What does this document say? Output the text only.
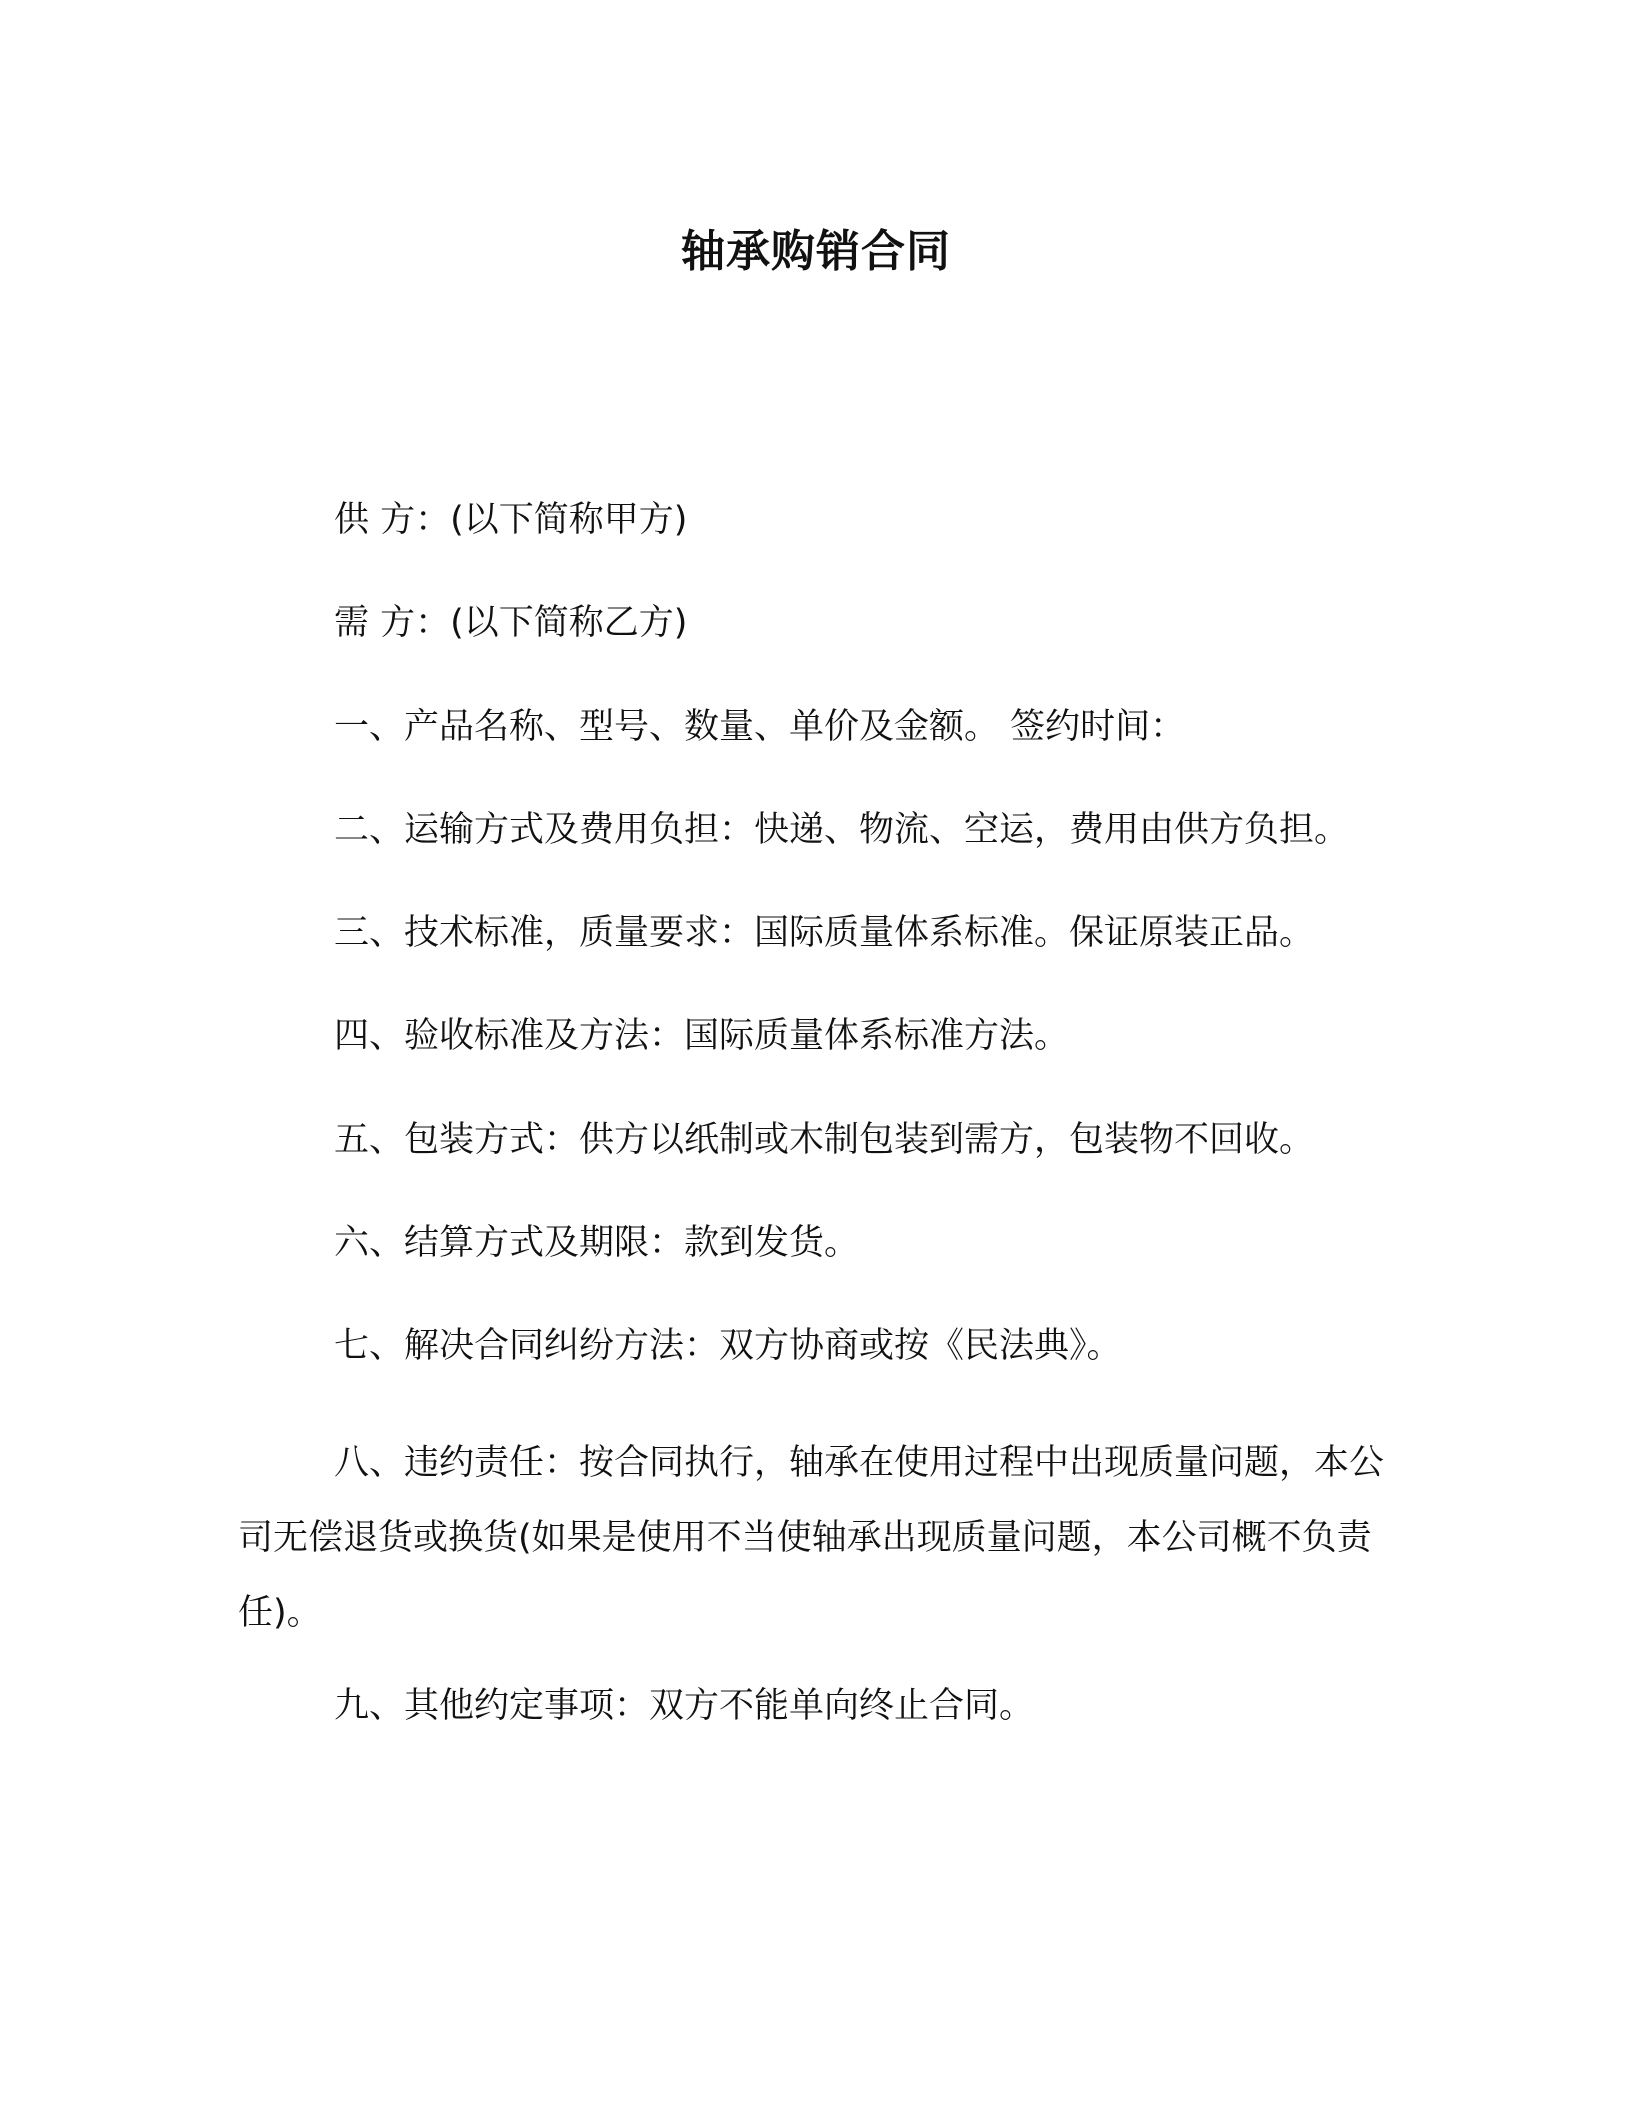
轴承购销合同
供 方：(以下简称甲方)
需 方：(以下简称乙方)
一、产品名称、型号、数量、单价及金额。 签约时间：
二、运输方式及费用负担：快递、物流、空运，费用由供方负担。
三、技术标准，质量要求：国际质量体系标准。保证原装正品。
四、验收标准及方法：国际质量体系标准方法。
五、包装方式：供方以纸制或木制包装到需方，包装物不回收。
六、结算方式及期限：款到发货。
七、解决合同纠纷方法：双方协商或按《民法典》。
八、违约责任：按合同执行，轴承在使用过程中出现质量问题，本公司无偿退货或换货(如果是使用不当使轴承出现质量问题，本公司概不负责任)。
九、其他约定事项：双方不能单向终止合同。
